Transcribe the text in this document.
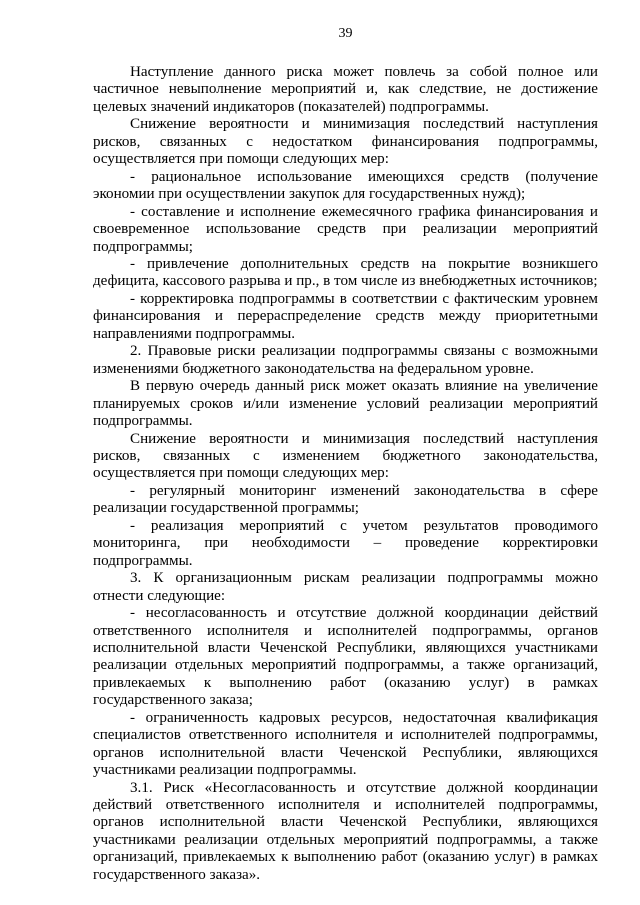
39

Наступление данного риска может повлечь за собой полное или частичное невыполнение мероприятий и, как следствие, не достижение целевых значений индикаторов (показателей) подпрограммы.

Снижение вероятности и минимизация последствий наступления рисков, связанных с недостатком финансирования подпрограммы, осуществляется при помощи следующих мер:

- рациональное использование имеющихся средств (получение экономии при осуществлении закупок для государственных нужд);

- составление и исполнение ежемесячного графика финансирования и своевременное использование средств при реализации мероприятий подпрограммы;

- привлечение дополнительных средств на покрытие возникшего дефицита, кассового разрыва и пр., в том числе из внебюджетных источников;

- корректировка подпрограммы в соответствии с фактическим уровнем финансирования и перераспределение средств между приоритетными направлениями подпрограммы.

2. Правовые риски реализации подпрограммы связаны с возможными изменениями бюджетного законодательства на федеральном уровне.

В первую очередь данный риск может оказать влияние на увеличение планируемых сроков и/или изменение условий реализации мероприятий подпрограммы.

Снижение вероятности и минимизация последствий наступления рисков, связанных с изменением бюджетного законодательства, осуществляется при помощи следующих мер:

- регулярный мониторинг изменений законодательства в сфере реализации государственной программы;

- реализация мероприятий с учетом результатов проводимого мониторинга, при необходимости – проведение корректировки подпрограммы.

3. К организационным рискам реализации подпрограммы можно отнести следующие:

- несогласованность и отсутствие должной координации действий ответственного исполнителя и исполнителей подпрограммы, органов исполнительной власти Чеченской Республики, являющихся участниками реализации отдельных мероприятий подпрограммы, а также организаций, привлекаемых к выполнению работ (оказанию услуг) в рамках государственного заказа;

- ограниченность кадровых ресурсов, недостаточная квалификация специалистов ответственного исполнителя и исполнителей подпрограммы, органов исполнительной власти Чеченской Республики, являющихся участниками реализации подпрограммы.

3.1. Риск «Несогласованность и отсутствие должной координации действий ответственного исполнителя и исполнителей подпрограммы, органов исполнительной власти Чеченской Республики, являющихся участниками реализации отдельных мероприятий подпрограммы, а также организаций, привлекаемых к выполнению работ (оказанию услуг) в рамках государственного заказа».
